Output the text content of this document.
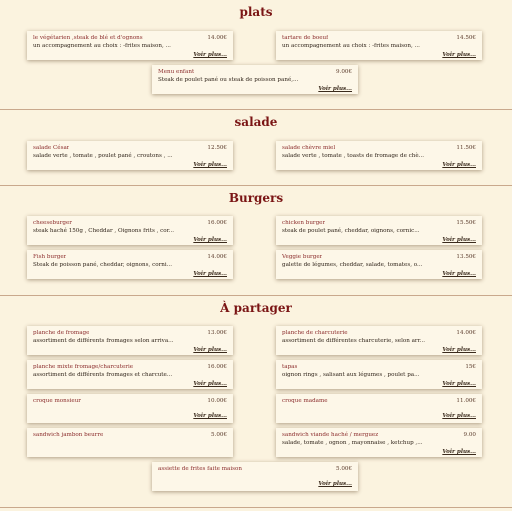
plats
le végétarien ,steak de blé et d'ognons	14.00€
un accompagnement au choix : -frites maison, ...
Voir plus...
tartare de boeuf	14.50€
un accompagnement au choix : -frites maison, ...
Voir plus...
Menu enfant	9.00€
Steak de poulet pané ou steak de poisson pané,...
Voir plus...
salade
salade César	12.50€
salade verte , tomate , poulet pané , croutons , ...
Voir plus...
salade chèvre miel	11.50€
salade verte , tomate , toasts de fromage de chè...
Voir plus...
Burgers
cheeseburger	16.00€
steak haché 150g , Cheddar , Oignons frits , cor...
Voir plus...
chicken burger	15.50€
steak de poulet pané, cheddar, oignons, cornic...
Voir plus...
Fish burger	14.00€
Steak de poisson pané, cheddar, oignons, corni...
Voir plus...
Veggie burger	13.50€
galette de légumes, cheddar, salade, tomates, o...
Voir plus...
À partager
planche de fromage	13.00€
assortiment de différents fromages selon arriva...
Voir plus...
planche de charcuterie	14.00€
assortiment de différentes charcuterie, selon arr...
Voir plus...
planche mixte fromage/charcuterie	16.00€
assortiment de différents fromages et charcute...
Voir plus...
tapas	15€
oignon rings , salisant aux légumes , poulet pa...
Voir plus...
croque monsieur	10.00€
Voir plus...
croque madame	11.00€
Voir plus...
sandwich jambon beurre	5.00€	sandwich viande haché / merguez	9.00
salade, tomate , ognon , mayonnaise , ketchup ,...
Voir plus...
assiette de frites faite maison	5.00€
Voir plus...
